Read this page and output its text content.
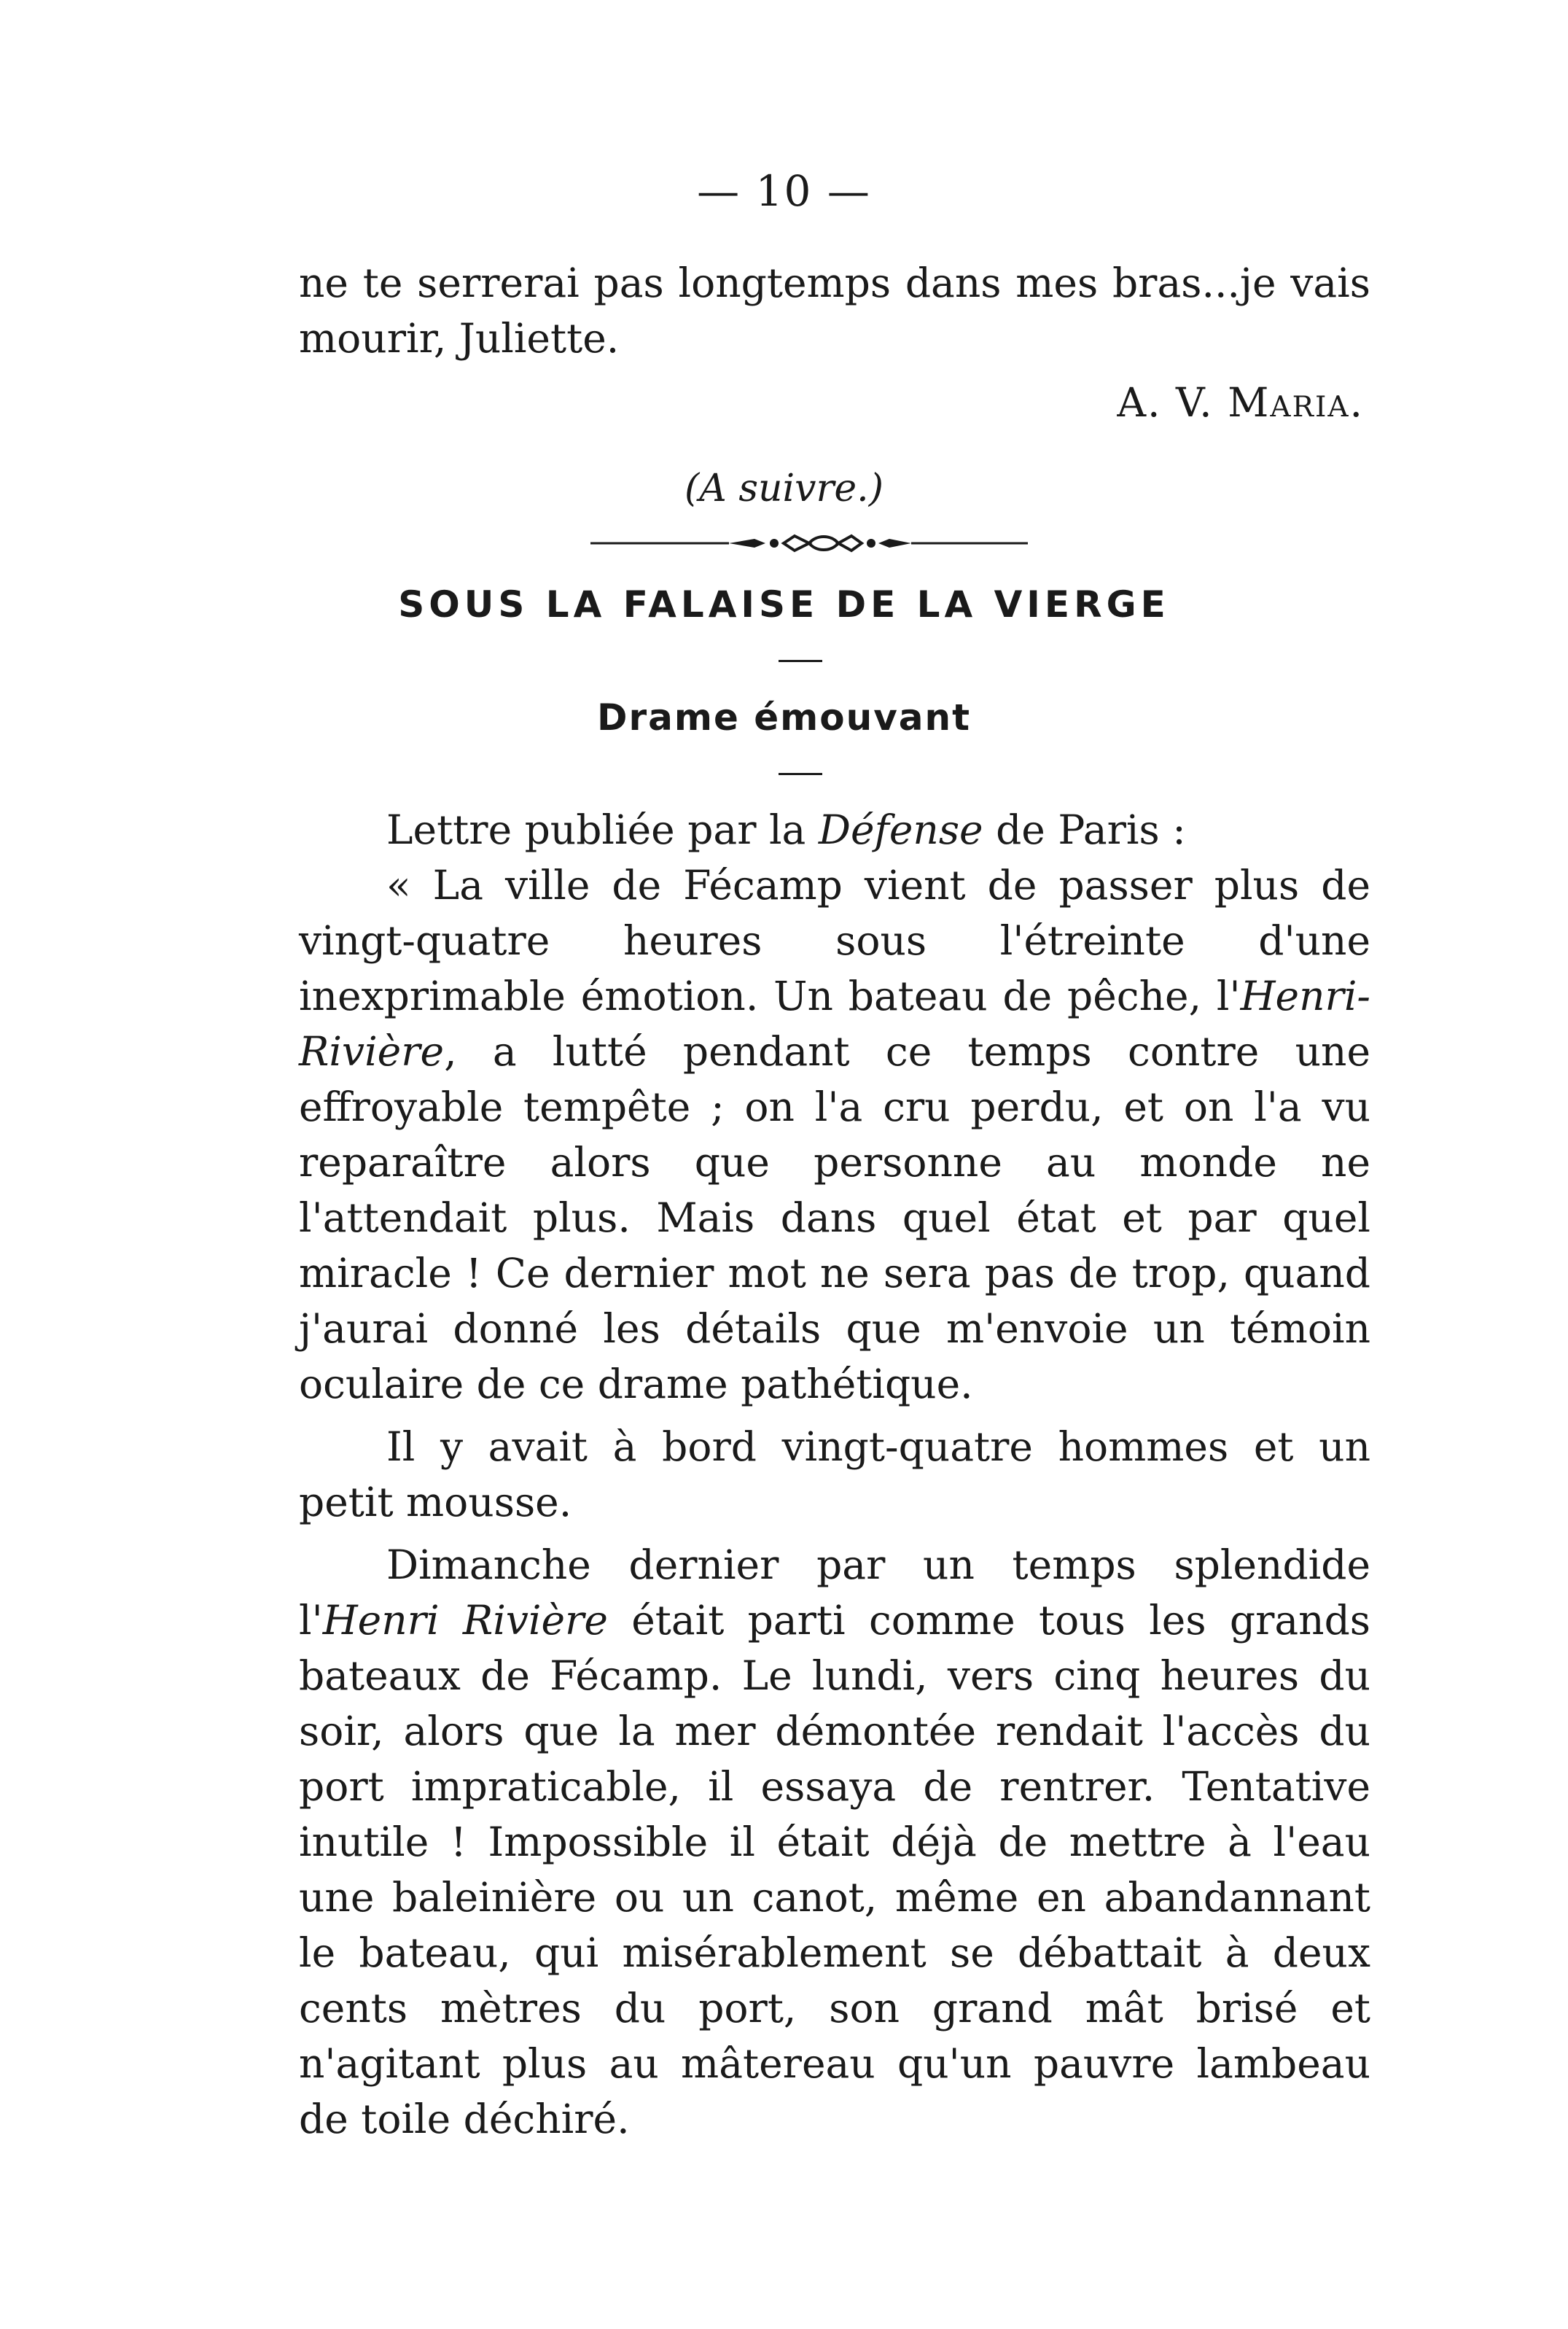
— 10 —

ne te serrerai pas longtemps dans mes bras...je vais mourir, Juliette.

A. V. Maria.
(A suivre.)
SOUS LA FALAISE DE LA VIERGE
Drame émouvant

Lettre publiée par la Défense de Paris :

« La ville de Fécamp vient de passer plus de vingt-quatre heures sous l'étreinte d'une inexprimable émotion. Un bateau de pêche, l'Henri-Rivière, a lutté pendant ce temps contre une effroyable tempête ; on l'a cru perdu, et on l'a vu reparaître alors que personne au monde ne l'attendait plus. Mais dans quel état et par quel miracle ! Ce dernier mot ne sera pas de trop, quand j'aurai donné les détails que m'envoie un témoin oculaire de ce drame pathétique.

Il y avait à bord vingt-quatre hommes et un petit mousse.

Dimanche dernier par un temps splendide l'Henri Rivière était parti comme tous les grands bateaux de Fécamp. Le lundi, vers cinq heures du soir, alors que la mer démontée rendait l'accès du port impraticable, il essaya de rentrer. Tentative inutile ! Impossible il était déjà de mettre à l'eau une baleinière ou un canot, même en abandannant le bateau, qui misérablement se débattait à deux cents mètres du port, son grand mât brisé et n'agitant plus au mâtereau qu'un pauvre lambeau de toile déchiré.
